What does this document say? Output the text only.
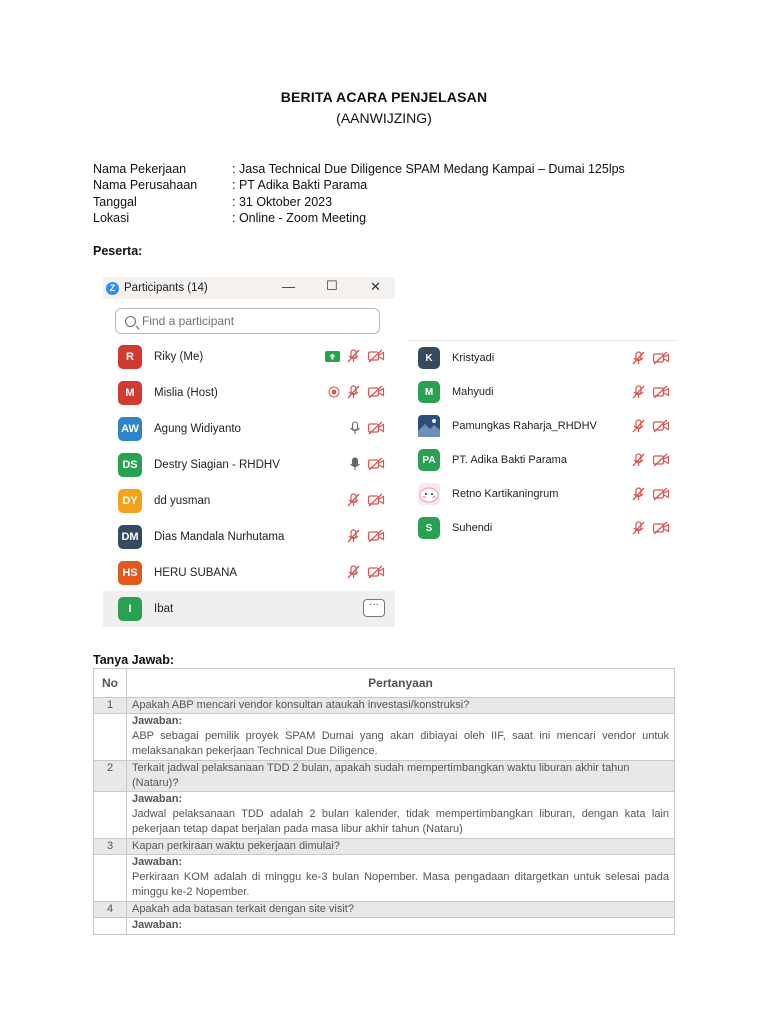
BERITA ACARA PENJELASAN
(AANWIJZING)
Nama Pekerjaan	: Jasa Technical Due Diligence SPAM Medang Kampai – Dumai 125lps
Nama Perusahaan	: PT Adika Bakti Parama
Tanggal	: 31 Oktober 2023
Lokasi	: Online - Zoom Meeting
Peserta:
Z Participants (14)	— ☐ ✕
Find a participant
R	Riky (Me)
M	Mislia (Host)
AW Agung Widiyanto
DS	Destry Siagian - RHDHV
DY	dd yusman
DM	Dias Mandala Nurhutama
HS	HERU SUBANA
I	Ibat	···
K	Kristyadi
M	Mahyudi
Pamungkas Raharja_RHDHV
PA	PT. Adika Bakti Parama
Retno Kartikaningrum
S	Suhendi
Tanya Jawab:
No	Pertanyaan
1	Apakah ABP mencari vendor konsultan ataukah investasi/konstruksi?

	Jawaban:
ABP sebagai pemilik proyek SPAM Dumai yang akan dibiayai oleh IIF, saat ini mencari vendor untuk melaksanakan pekerjaan Technical Due Diligence.

2	Terkait jadwal pelaksanaan TDD 2 bulan, apakah sudah mempertimbangkan waktu liburan akhir tahun (Nataru)?

	Jawaban:
Jadwal pelaksanaan TDD adalah 2 bulan kalender, tidak mempertimbangkan liburan, dengan kata lain pekerjaan tetap dapat berjalan pada masa libur akhir tahun (Nataru)

3	Kapan perkiraan waktu pekerjaan dimulai?

	Jawaban:
Perkiraan KOM adalah di minggu ke-3 bulan Nopember. Masa pengadaan ditargetkan untuk selesai pada minggu ke-2 Nopember.

4	Apakah ada batasan terkait dengan site visit?

	Jawaban:
